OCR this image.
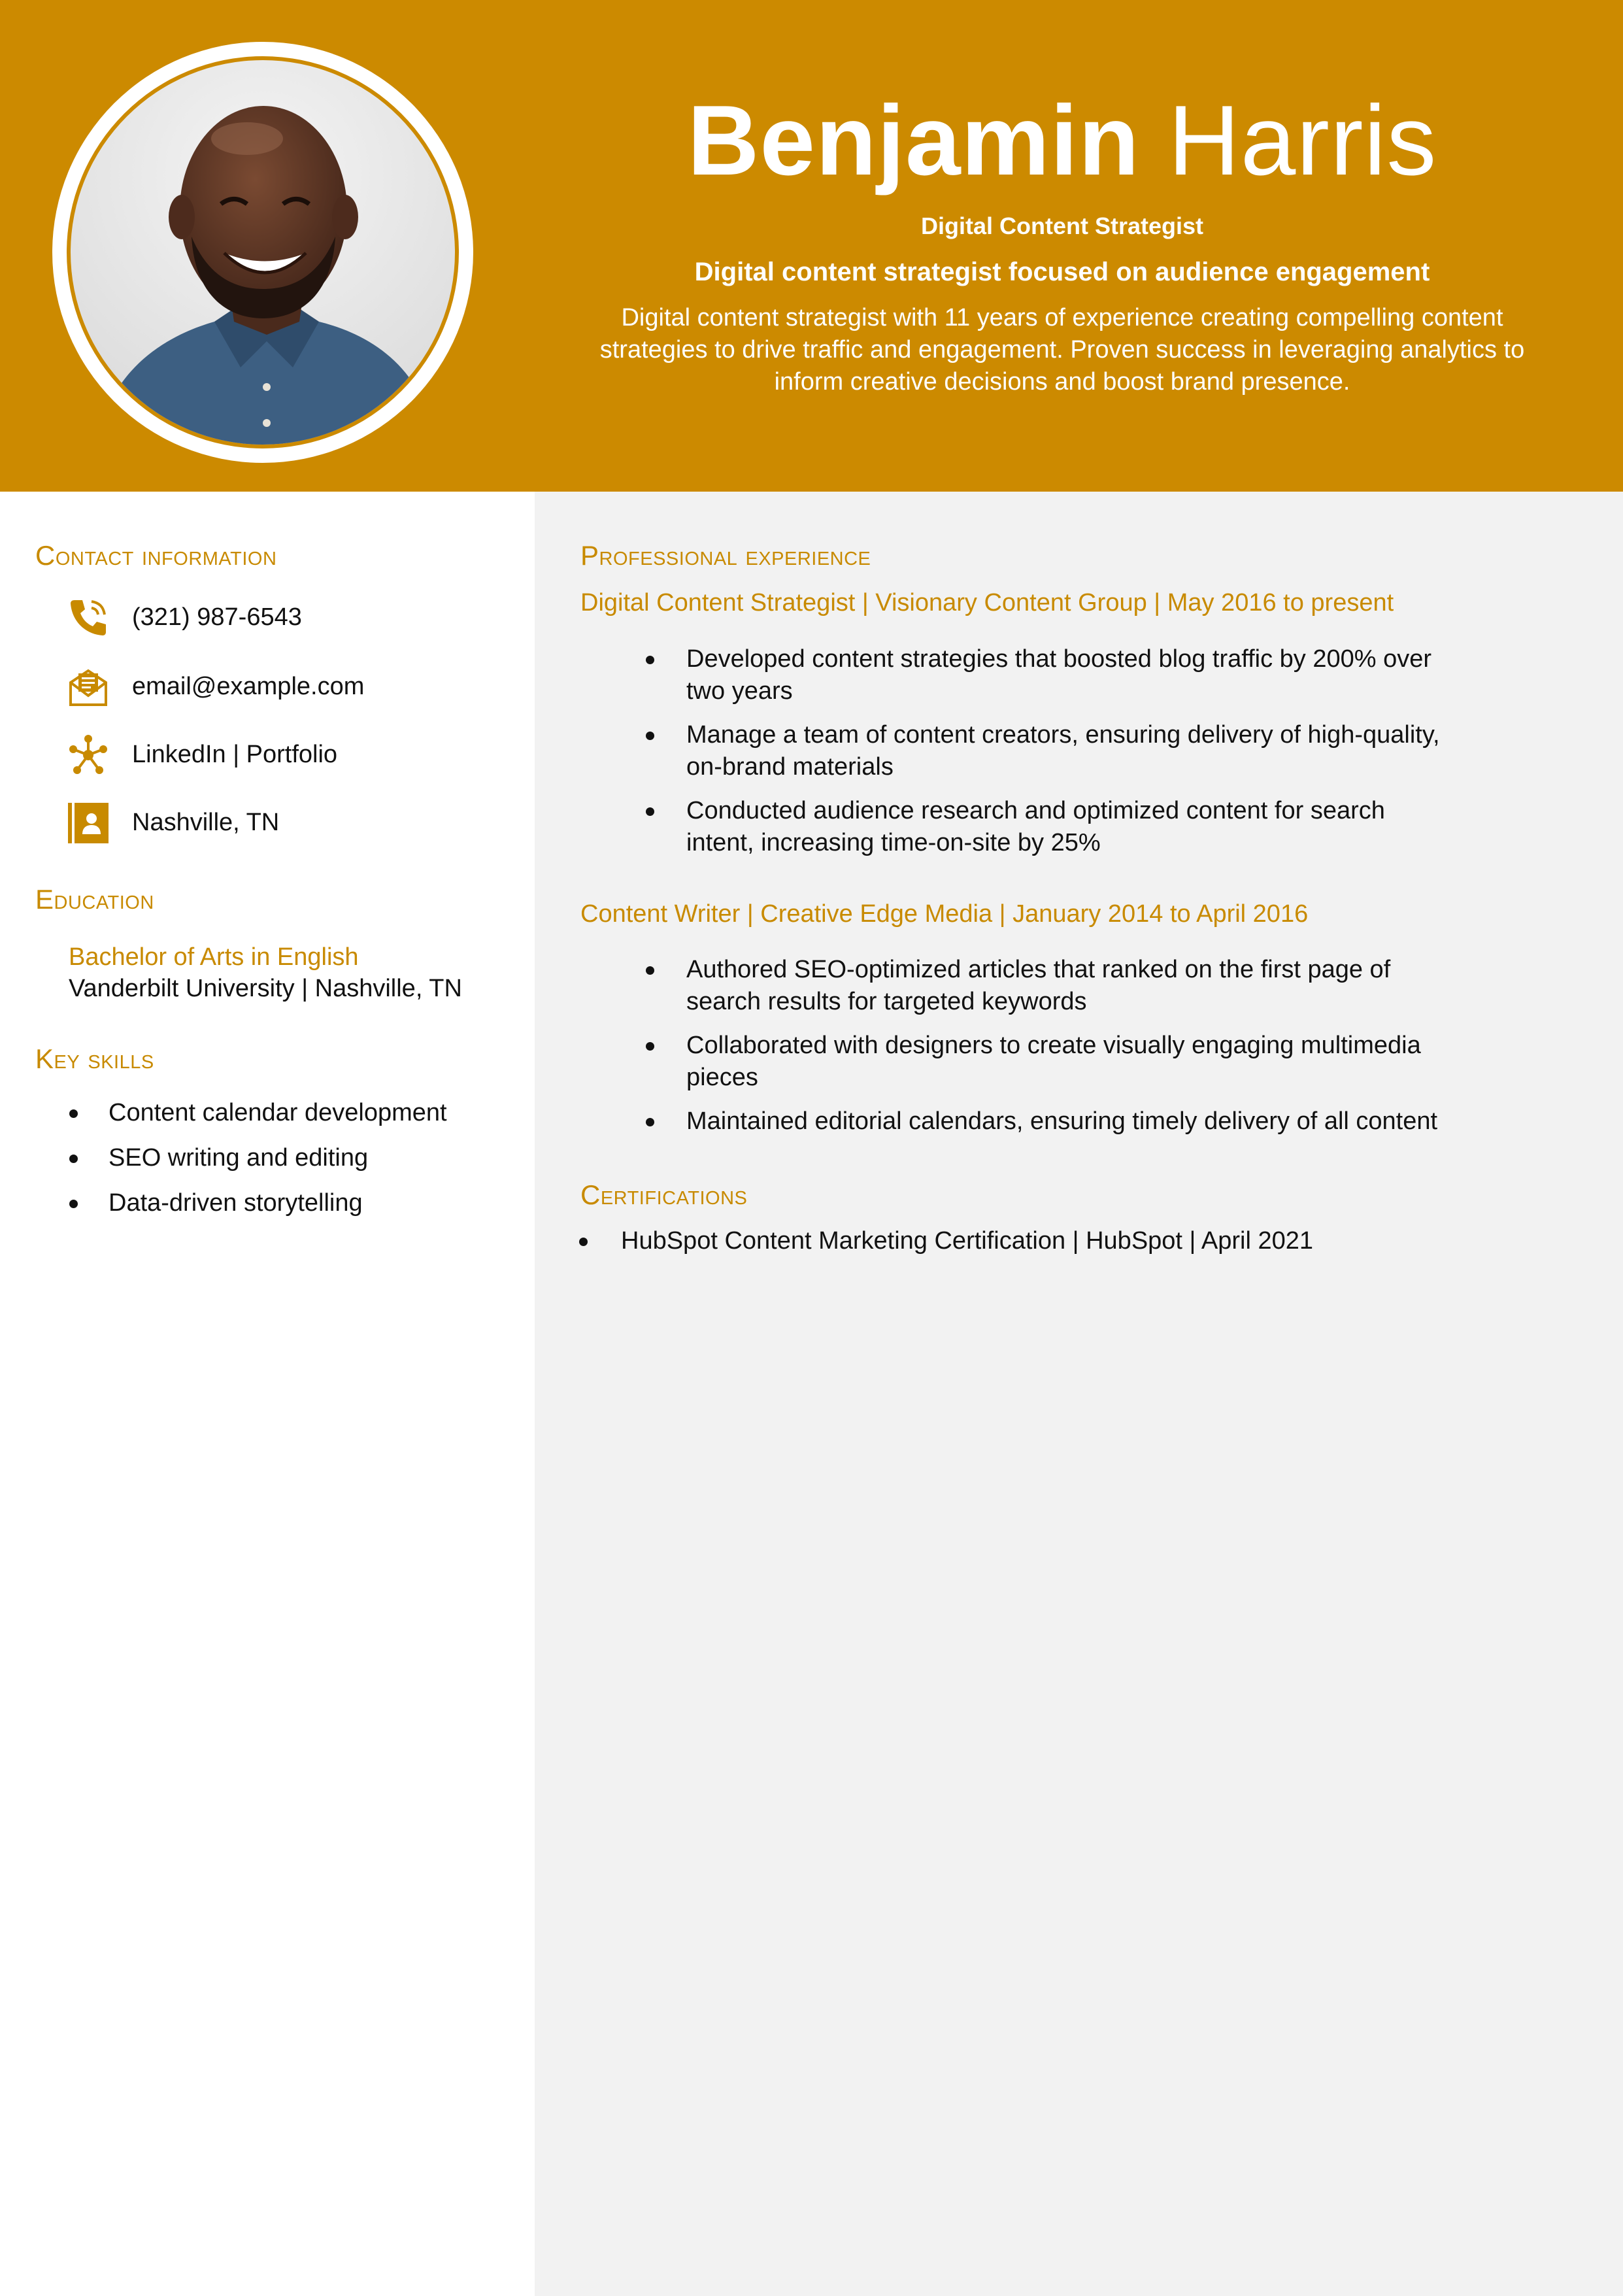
Benjamin Harris
Digital Content Strategist
Digital content strategist focused on audience engagement
Digital content strategist with 11 years of experience creating compelling content strategies to drive traffic and engagement. Proven success in leveraging analytics to inform creative decisions and boost brand presence.
Contact information
(321) 987-6543
email@example.com
LinkedIn | Portfolio
Nashville, TN
Education
Bachelor of Arts in English
Vanderbilt University | Nashville, TN
Key skills
Content calendar development
SEO writing and editing
Data-driven storytelling
Professional experience
Digital Content Strategist | Visionary Content Group | May 2016 to present
Developed content strategies that boosted blog traffic by 200% over two years
Manage a team of content creators, ensuring delivery of high-quality, on-brand materials
Conducted audience research and optimized content for search intent, increasing time-on-site by 25%
Content Writer | Creative Edge Media | January 2014 to April 2016
Authored SEO-optimized articles that ranked on the first page of search results for targeted keywords
Collaborated with designers to create visually engaging multimedia pieces
Maintained editorial calendars, ensuring timely delivery of all content
Certifications
HubSpot Content Marketing Certification | HubSpot | April 2021
